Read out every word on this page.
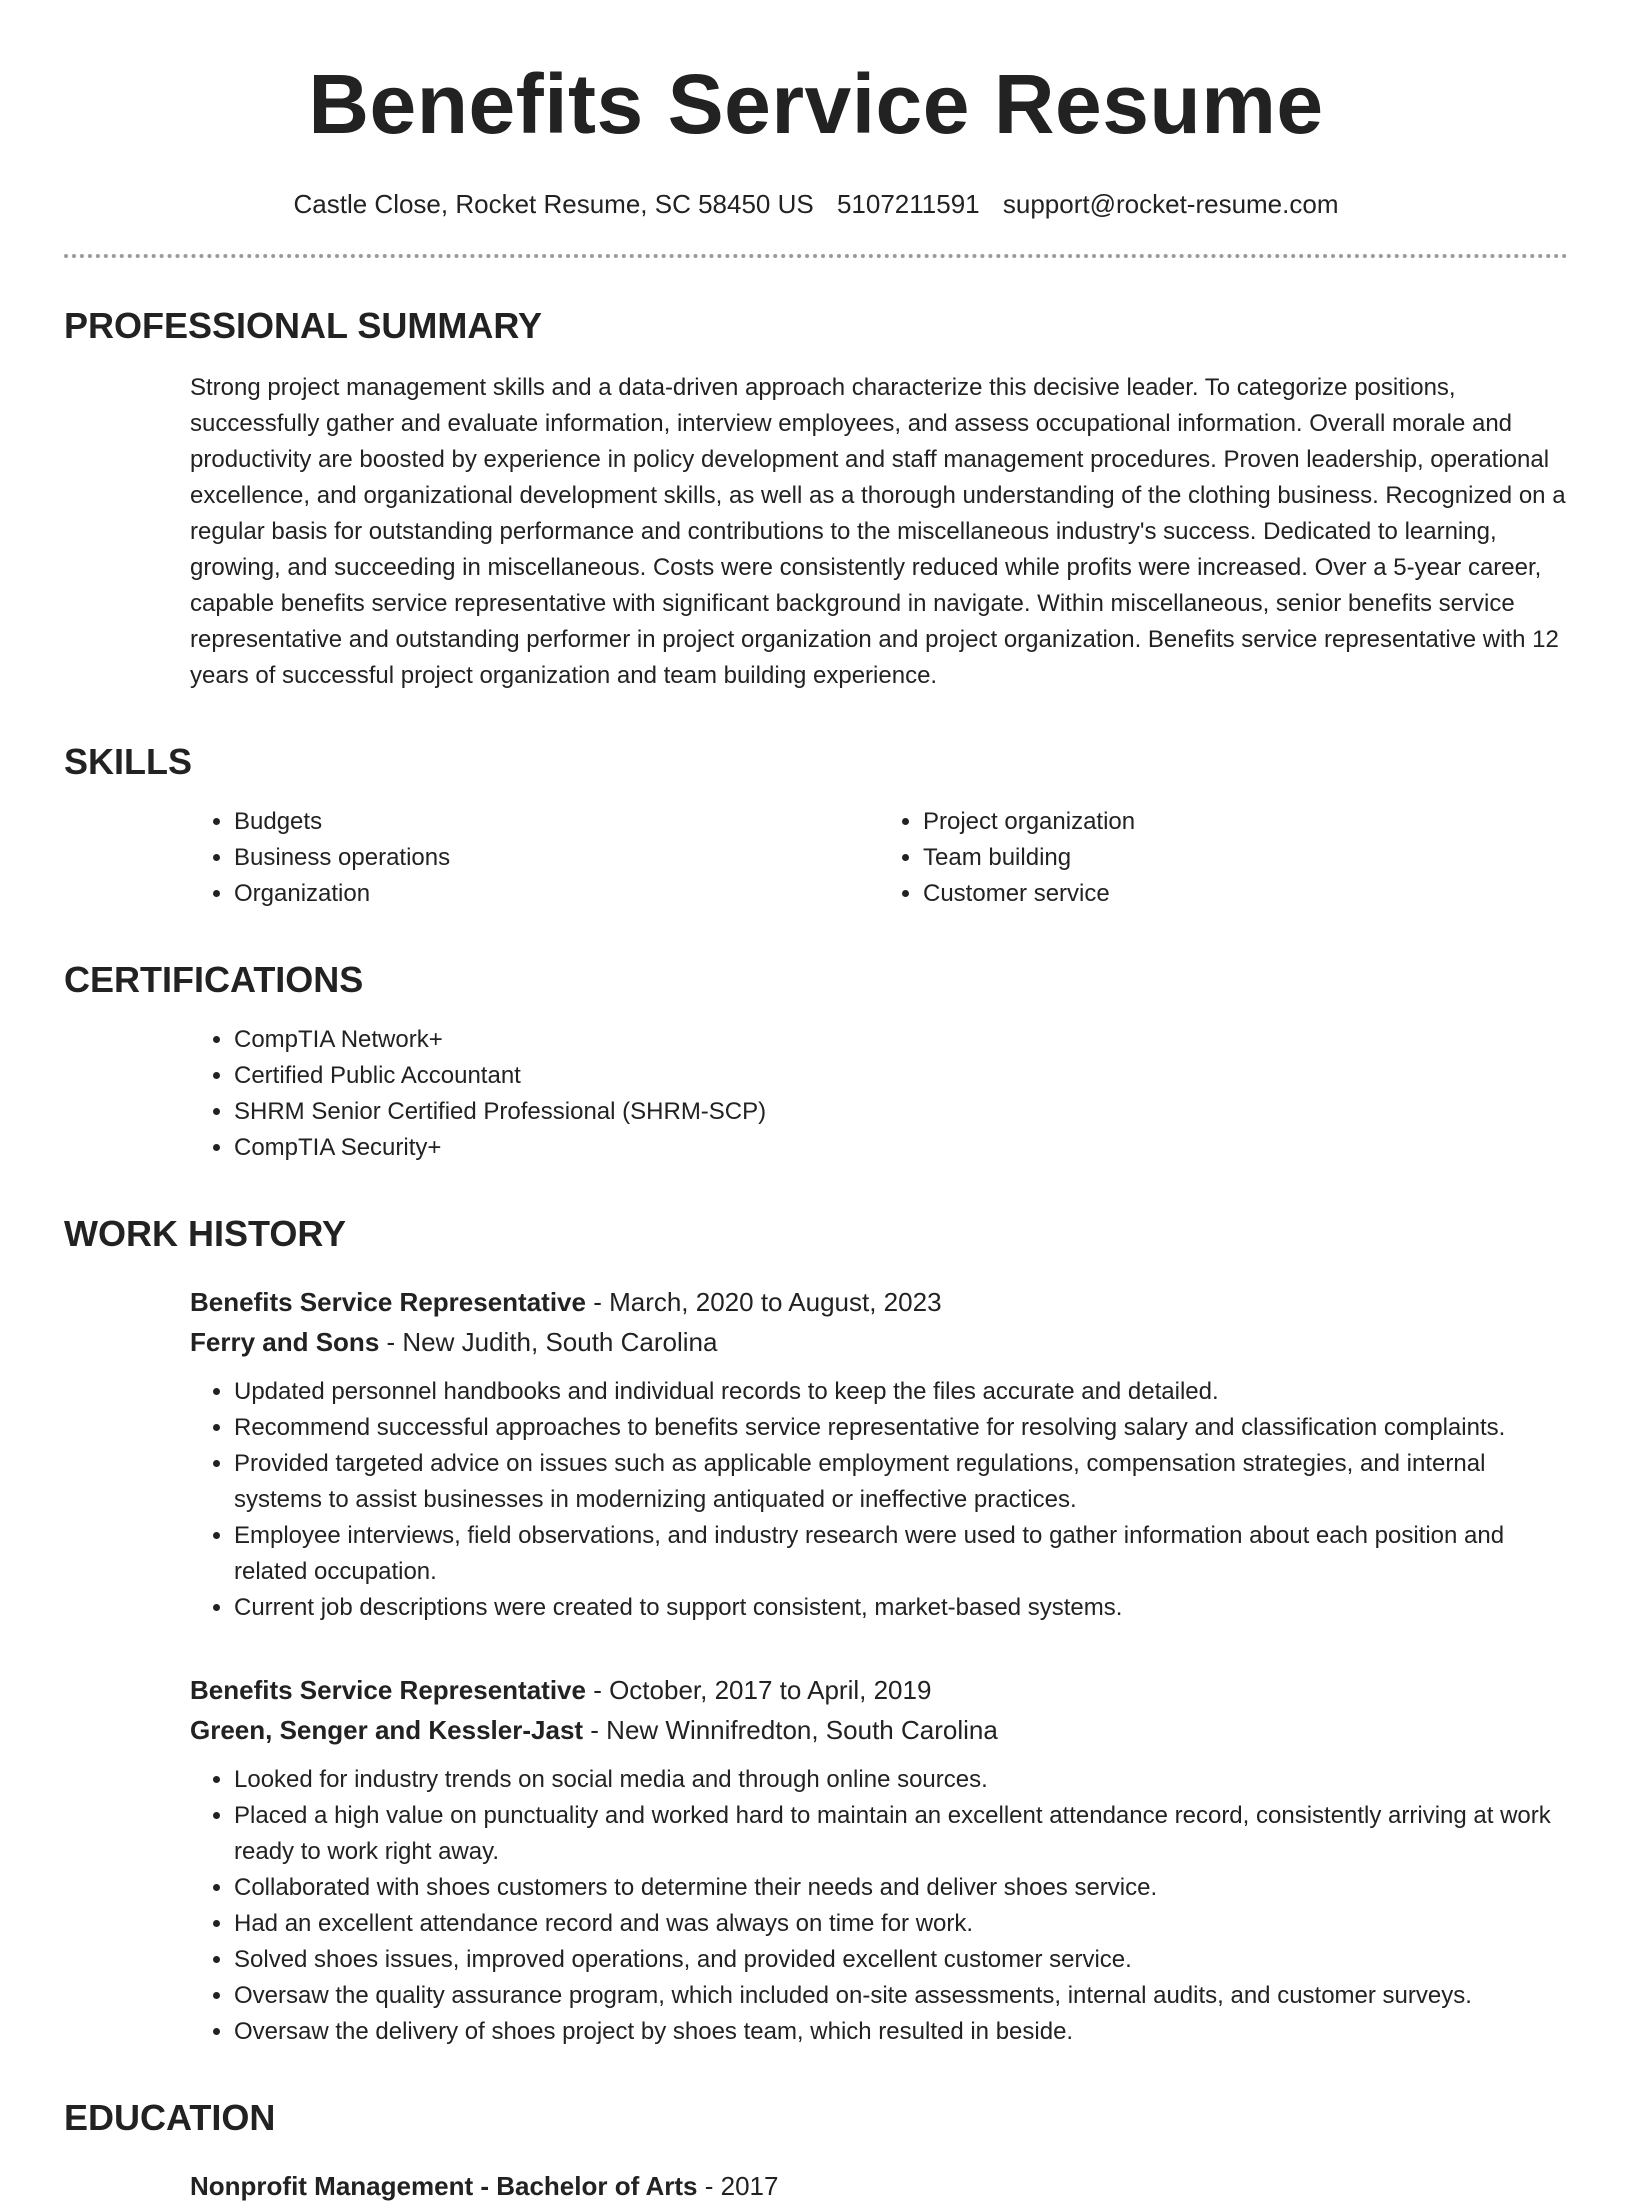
Benefits Service Resume
Castle Close, Rocket Resume, SC 58450 US 5107211591 support@rocket-resume.com
PROFESSIONAL SUMMARY
Strong project management skills and a data-driven approach characterize this decisive leader. To categorize positions, successfully gather and evaluate information, interview employees, and assess occupational information. Overall morale and productivity are boosted by experience in policy development and staff management procedures. Proven leadership, operational excellence, and organizational development skills, as well as a thorough understanding of the clothing business. Recognized on a regular basis for outstanding performance and contributions to the miscellaneous industry's success. Dedicated to learning, growing, and succeeding in miscellaneous. Costs were consistently reduced while profits were increased. Over a 5-year career, capable benefits service representative with significant background in navigate. Within miscellaneous, senior benefits service representative and outstanding performer in project organization and project organization. Benefits service representative with 12 years of successful project organization and team building experience.
SKILLS
• Budgets
• Business operations
• Organization
• Project organization
• Team building
• Customer service
CERTIFICATIONS
• CompTIA Network+
• Certified Public Accountant
• SHRM Senior Certified Professional (SHRM-SCP)
• CompTIA Security+
WORK HISTORY
Benefits Service Representative - March, 2020 to August, 2023
Ferry and Sons - New Judith, South Carolina
• Updated personnel handbooks and individual records to keep the files accurate and detailed.
• Recommend successful approaches to benefits service representative for resolving salary and classification complaints.
• Provided targeted advice on issues such as applicable employment regulations, compensation strategies, and internal systems to assist businesses in modernizing antiquated or ineffective practices.
• Employee interviews, field observations, and industry research were used to gather information about each position and related occupation.
• Current job descriptions were created to support consistent, market-based systems.
Benefits Service Representative - October, 2017 to April, 2019
Green, Senger and Kessler-Jast - New Winnifredton, South Carolina
• Looked for industry trends on social media and through online sources.
• Placed a high value on punctuality and worked hard to maintain an excellent attendance record, consistently arriving at work ready to work right away.
• Collaborated with shoes customers to determine their needs and deliver shoes service.
• Had an excellent attendance record and was always on time for work.
• Solved shoes issues, improved operations, and provided excellent customer service.
• Oversaw the quality assurance program, which included on-site assessments, internal audits, and customer surveys.
• Oversaw the delivery of shoes project by shoes team, which resulted in beside.
EDUCATION
Nonprofit Management - Bachelor of Arts - 2017
